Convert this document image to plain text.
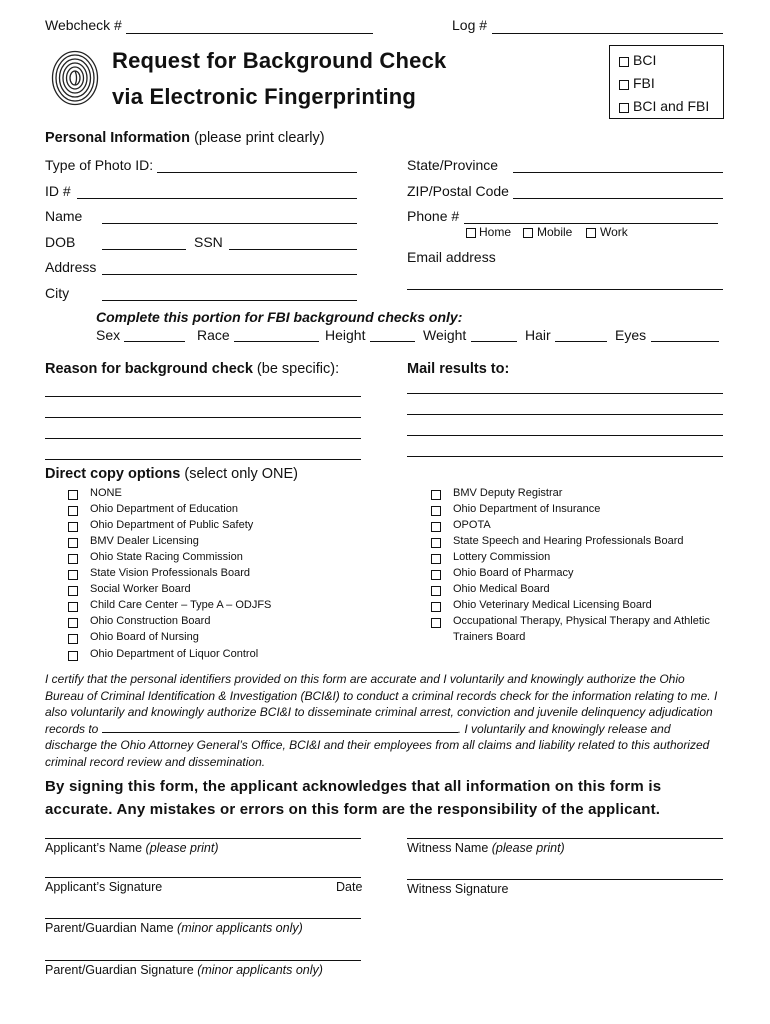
Webcheck #	Log #
Request for Background Check
via Electronic Fingerprinting
BCI
FBI
BCI and FBI
Personal Information (please print clearly)
Type of Photo ID:
ID #
Name
DOB	SSN
Address
City
State/Province
ZIP/Postal Code
Phone #
Home Mobile Work
Email address
Complete this portion for FBI background checks only:
Sex	Race	Height	Weight	Hair	Eyes
Reason for background check (be specific):	Mail results to:
Direct copy options (select only ONE)
NONE
Ohio Department of Education
Ohio Department of Public Safety
BMV Dealer Licensing
Ohio State Racing Commission
State Vision Professionals Board
Social Worker Board
Child Care Center – Type A – ODJFS
Ohio Construction Board
Ohio Board of Nursing
Ohio Department of Liquor Control
BMV Deputy Registrar
Ohio Department of Insurance
OPOTA
State Speech and Hearing Professionals Board
Lottery Commission
Ohio Board of Pharmacy
Ohio Medical Board
Ohio Veterinary Medical Licensing Board
Occupational Therapy, Physical Therapy and Athletic
Trainers Board
I certify that the personal identifiers provided on this form are accurate and I voluntarily and knowingly authorize the Ohio Bureau of Criminal Identification & Investigation (BCI&I) to conduct a criminal records check for the information relating to me. I also voluntarily and knowingly authorize BCI&I to disseminate criminal arrest, conviction and juvenile delinquency adjudication records to	. I voluntarily and knowingly release and discharge the Ohio Attorney General’s Office, BCI&I and their employees from all claims and liability related to this authorized criminal record review and dissemination.
By signing this form, the applicant acknowledges that all information on this form is accurate. Any mistakes or errors on this form are the responsibility of the applicant.
Applicant’s Name (please print)	Witness Name (please print)
Applicant’s Signature	Date	Witness Signature
Parent/Guardian Name (minor applicants only)
Parent/Guardian Signature (minor applicants only)
